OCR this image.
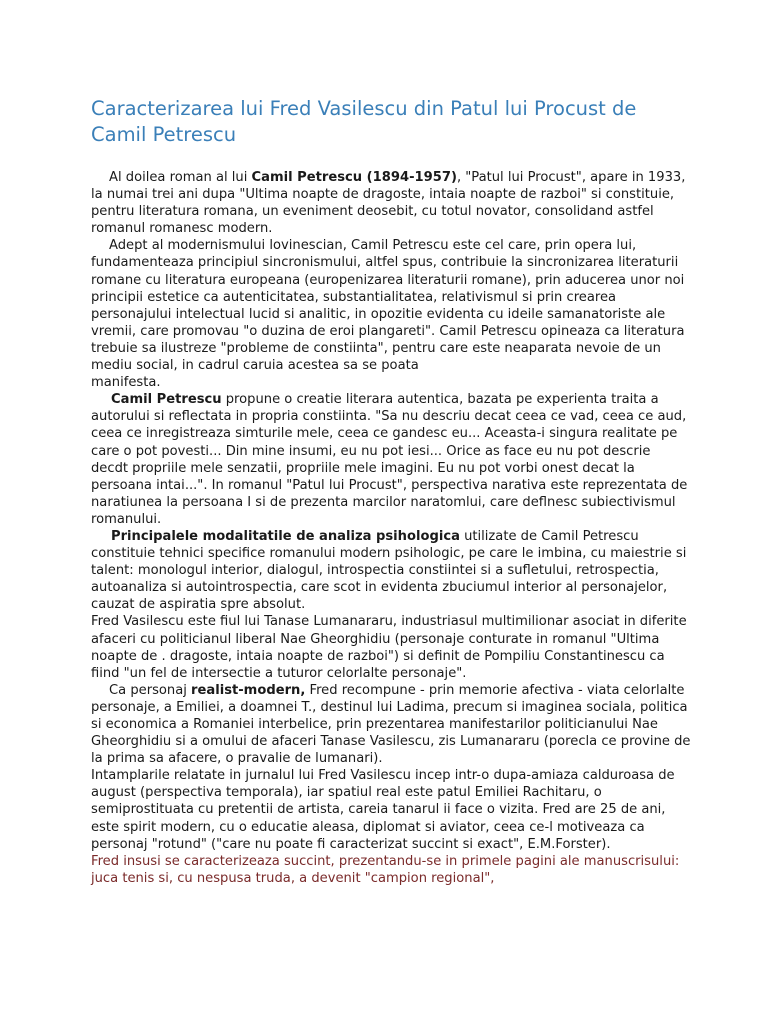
Caracterizarea lui Fred Vasilescu din Patul lui Procust de Camil Petrescu

Al doilea roman al lui Camil Petrescu (1894-1957), "Patul lui Procust", apare in 1933, la numai trei ani dupa "Ultima noapte de dragoste, intaia noapte de razboi" si constituie, pentru literatura romana, un eveniment deosebit, cu totul novator, consolidand astfel romanul romanesc modern.

Adept al modernismului lovinescian, Camil Petrescu este cel care, prin opera lui, fundamenteaza principiul sincronismului, altfel spus, contribuie la sincronizarea literaturii romane cu literatura europeana (europenizarea literaturii romane), prin aducerea unor noi principii estetice ca autenticitatea, substantialitatea, relativismul si prin crearea personajului intelectual lucid si analitic, in opozitie evidenta cu ideile samanatoriste ale vremii, care promovau "o duzina de eroi plangareti". Camil Petrescu opineaza ca literatura trebuie sa ilustreze "probleme de constiinta", pentru care este neaparata nevoie de un mediu social, in cadrul caruia acestea sa se poata
manifesta.

Camil Petrescu propune o creatie literara autentica, bazata pe experienta traita a autorului si reflectata in propria constiinta. "Sa nu descriu decat ceea ce vad, ceea ce aud, ceea ce inregistreaza simturile mele, ceea ce gandesc eu... Aceasta-i singura realitate pe care o pot povesti... Din mine insumi, eu nu pot iesi... Orice as face eu nu pot descrie decdt propriile mele senzatii, propriile mele imagini. Eu nu pot vorbi onest decat la persoana intai...". In romanul "Patul lui Procust", perspectiva narativa este reprezentata de naratiunea la persoana I si de prezenta marcilor naratomlui, care deflnesc subiectivismul romanului.

Principalele modalitatile de analiza psihologica utilizate de Camil Petrescu constituie tehnici specifice romanului modern psihologic, pe care le imbina, cu maiestrie si talent: monologul interior, dialogul, introspectia constiintei si a sufletului, retrospectia, autoanaliza si autointrospectia, care scot in evidenta zbuciumul interior al personajelor, cauzat de aspiratia spre absolut.

Fred Vasilescu este fiul lui Tanase Lumanararu, industriasul multimilionar asociat in diferite afaceri cu politicianul liberal Nae Gheorghidiu (personaje conturate in romanul "Ultima noapte de . dragoste, intaia noapte de razboi") si definit de Pompiliu Constantinescu ca fiind "un fel de intersectie a tuturor celorlalte personaje".

Ca personaj realist-modern, Fred recompune - prin memorie afectiva - viata celorlalte personaje, a Emiliei, a doamnei T., destinul lui Ladima, precum si imaginea sociala, politica si economica a Romaniei interbelice, prin prezentarea manifestarilor politicianului Nae Gheorghidiu si a omului de afaceri Tanase Vasilescu, zis Lumanararu (porecla ce provine de la prima sa afacere, o pravalie de lumanari).

Intamplarile relatate in jurnalul lui Fred Vasilescu incep intr-o dupa-amiaza calduroasa de august (perspectiva temporala), iar spatiul real este patul Emiliei Rachitaru, o semiprostituata cu pretentii de artista, careia tanarul ii face o vizita. Fred are 25 de ani, este spirit modern, cu o educatie aleasa, diplomat si aviator, ceea ce-l motiveaza ca personaj "rotund" ("care nu poate fi caracterizat succint si exact", E.M.Forster).

Fred insusi se caracterizeaza succint, prezentandu-se in primele pagini ale manuscrisului: juca tenis si, cu nespusa truda, a devenit "campion regional",
